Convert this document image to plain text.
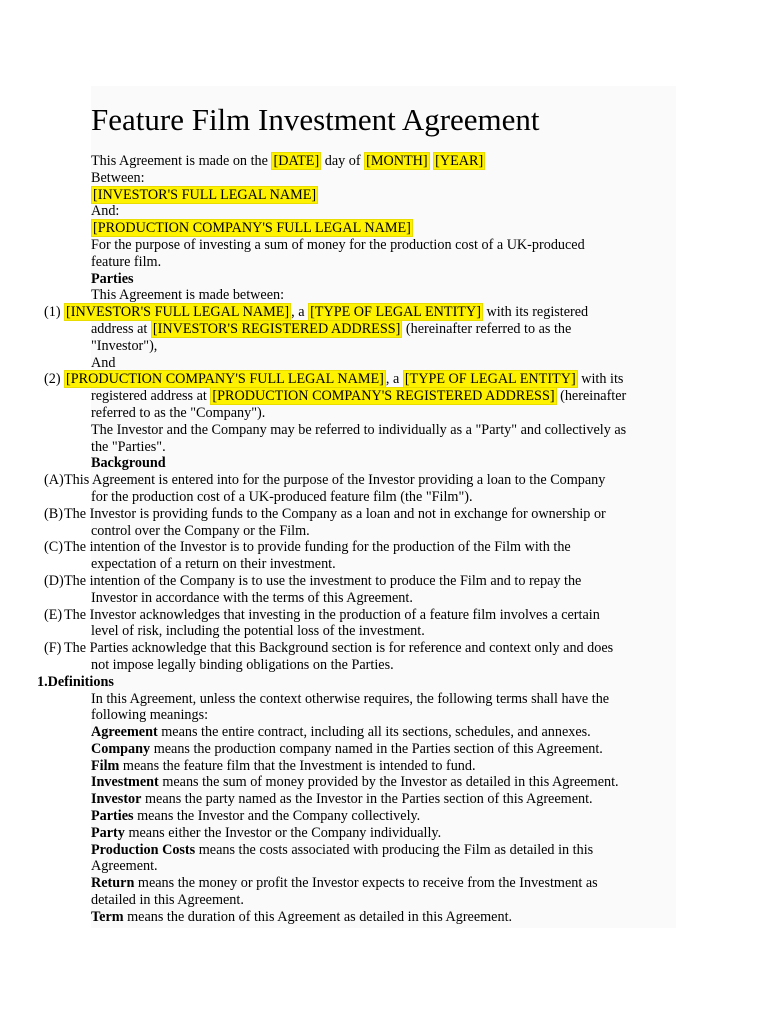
Feature Film Investment Agreement
This Agreement is made on the [DATE] day of [MONTH] [YEAR]
Between:
[INVESTOR'S FULL LEGAL NAME]
And:
[PRODUCTION COMPANY'S FULL LEGAL NAME]
For the purpose of investing a sum of money for the production cost of a UK-produced
feature film.
Parties
This Agreement is made between:
(1) [INVESTOR'S FULL LEGAL NAME] , a [TYPE OF LEGAL ENTITY] with its registered
address at [INVESTOR'S REGISTERED ADDRESS] (hereinafter referred to as the
"Investor"),
And
(2) [PRODUCTION COMPANY'S FULL LEGAL NAME] , a [TYPE OF LEGAL ENTITY] with its
registered address at [PRODUCTION COMPANY'S REGISTERED ADDRESS] (hereinafter
referred to as the "Company").
The Investor and the Company may be referred to individually as a "Party" and collectively as
the "Parties".
Background
(A)This Agreement is entered into for the purpose of the Investor providing a loan to the Company
for the production cost of a UK-produced feature film (the "Film").
(B)The Investor is providing funds to the Company as a loan and not in exchange for ownership or
control over the Company or the Film.
(C)The intention of the Investor is to provide funding for the production of the Film with the
expectation of a return on their investment.
(D)The intention of the Company is to use the investment to produce the Film and to repay the
Investor in accordance with the terms of this Agreement.
(E) The Investor acknowledges that investing in the production of a feature film involves a certain
level of risk, including the potential loss of the investment.
(F) The Parties acknowledge that this Background section is for reference and context only and does
not impose legally binding obligations on the Parties.
1.Definitions
In this Agreement, unless the context otherwise requires, the following terms shall have the
following meanings:
Agreement means the entire contract, including all its sections, schedules, and annexes.
Company means the production company named in the Parties section of this Agreement.
Film means the feature film that the Investment is intended to fund.
Investment means the sum of money provided by the Investor as detailed in this Agreement.
Investor means the party named as the Investor in the Parties section of this Agreement.
Parties means the Investor and the Company collectively.
Party means either the Investor or the Company individually.
Production Costs means the costs associated with producing the Film as detailed in this
Agreement.
Return means the money or profit the Investor expects to receive from the Investment as
detailed in this Agreement.
Term means the duration of this Agreement as detailed in this Agreement.
